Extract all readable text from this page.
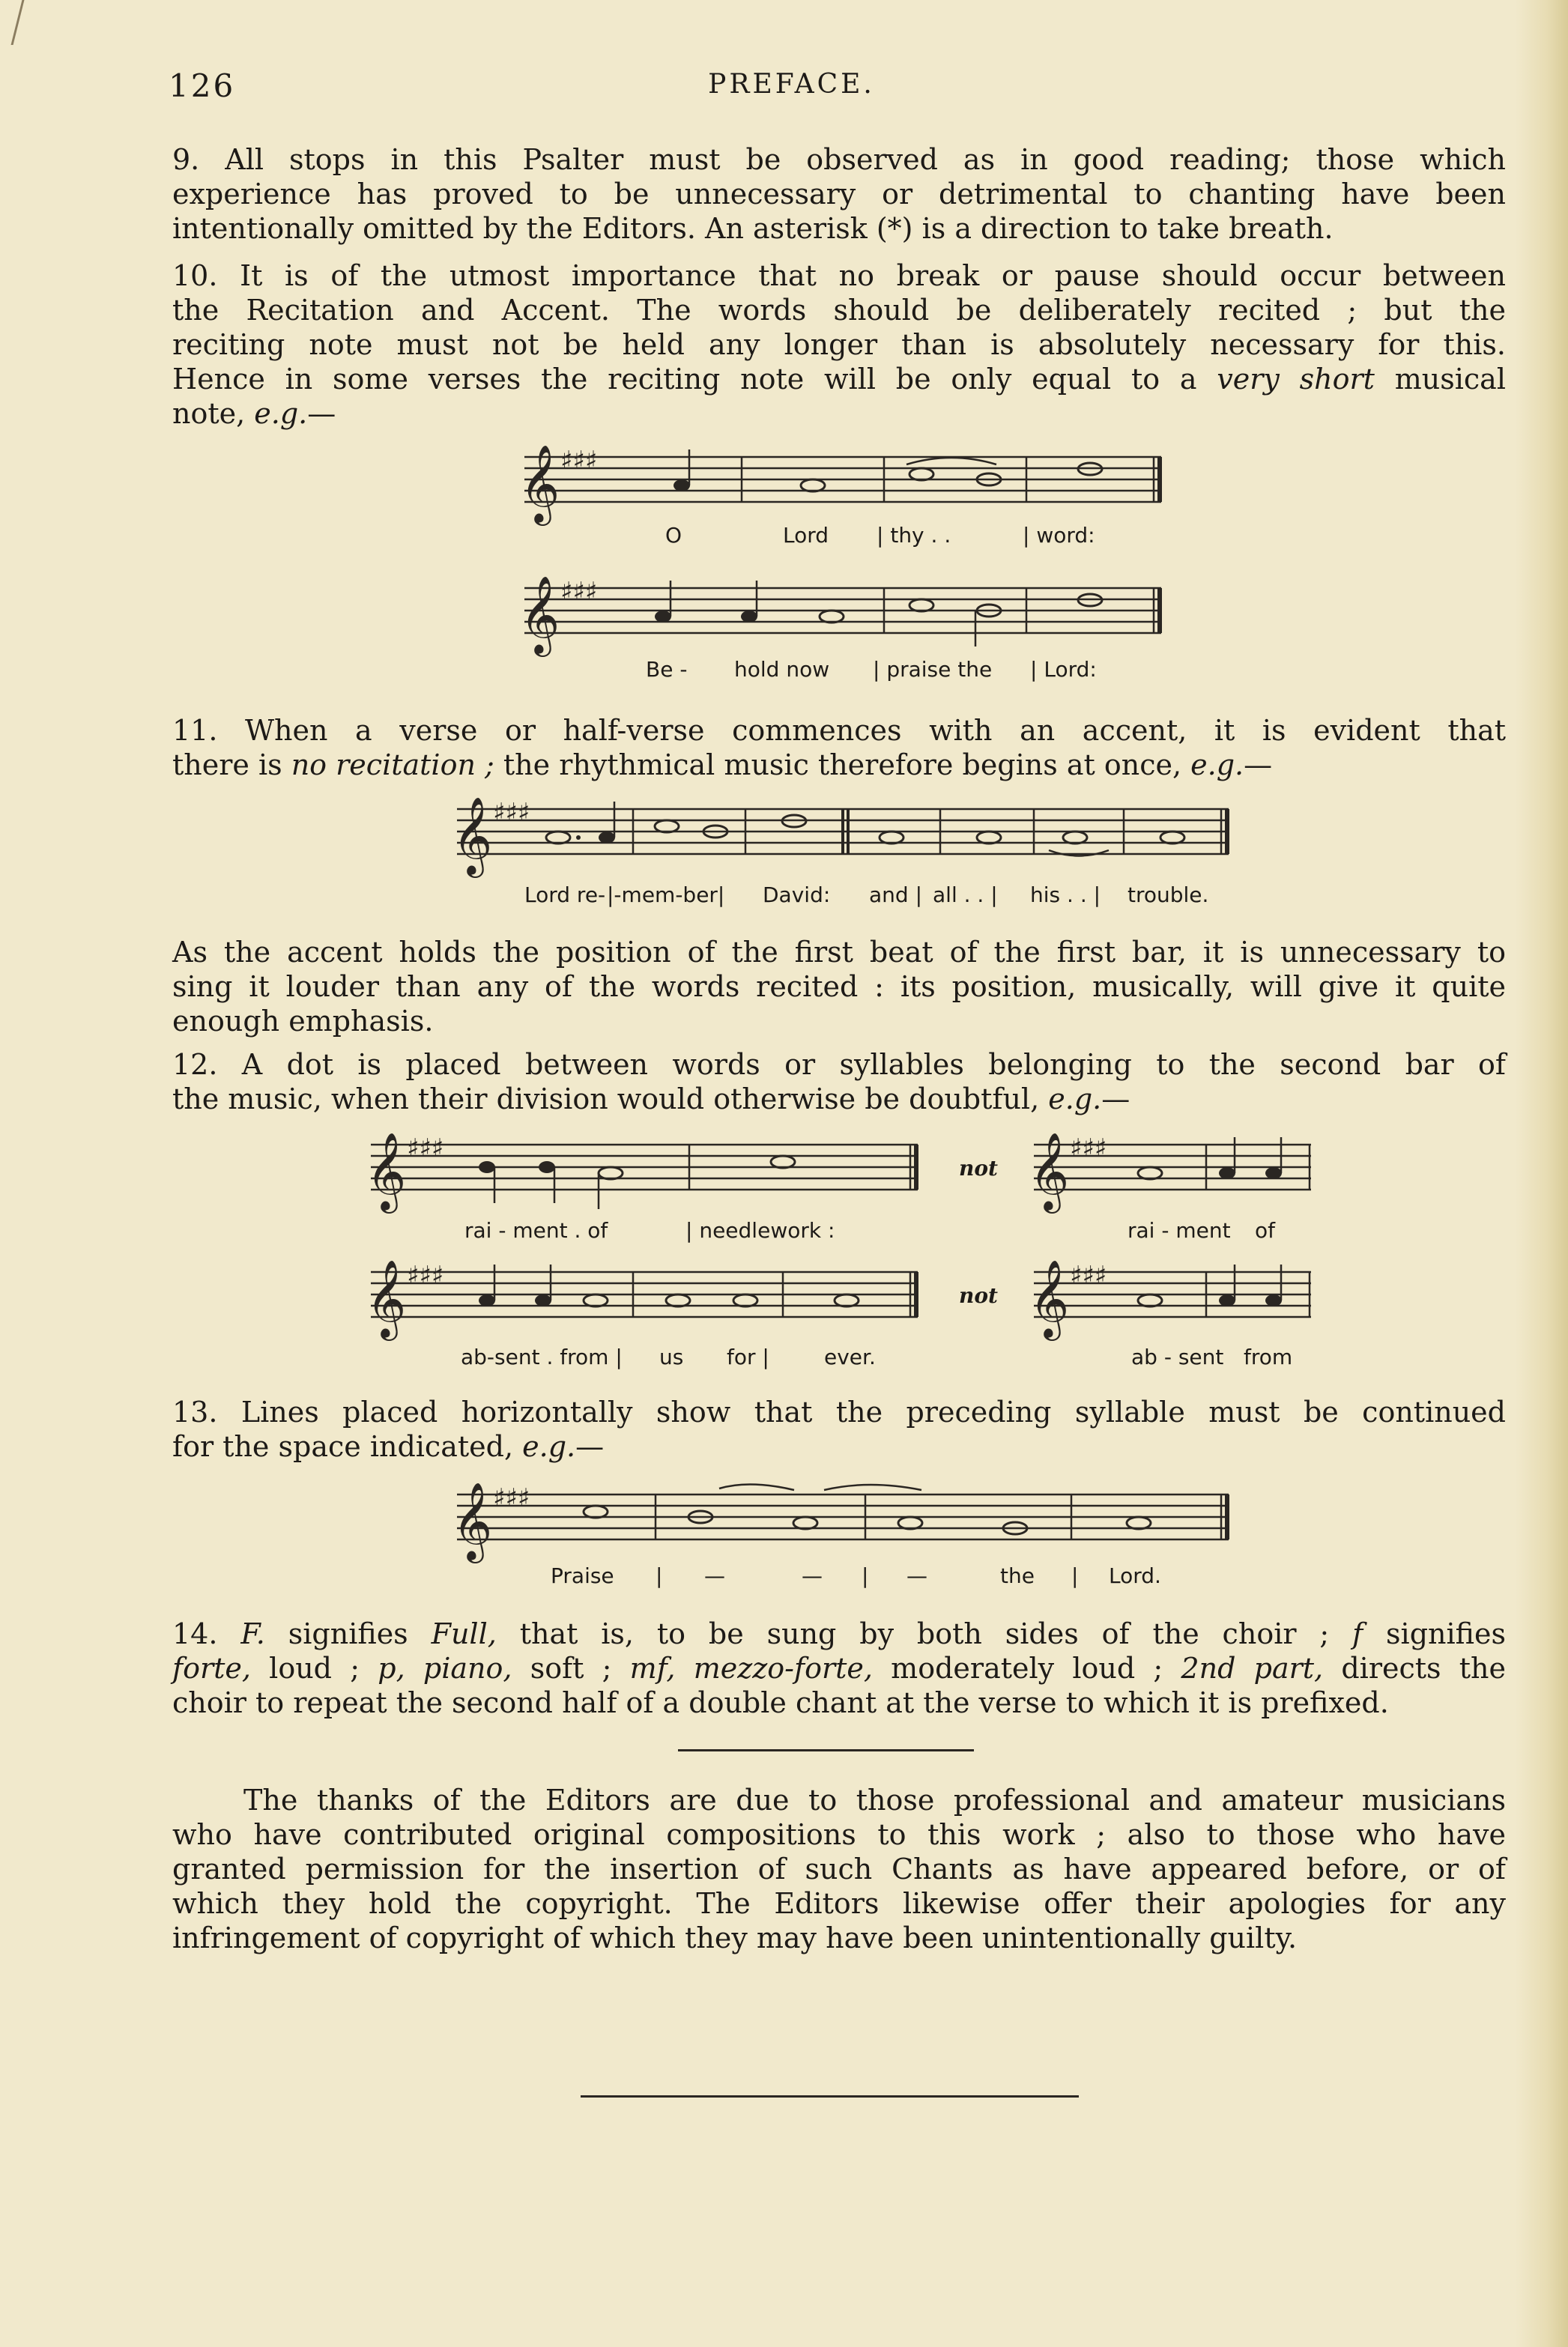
126	PREFACE.
9. All stops in this Psalter must be observed as in good reading; those which
experience has proved to be unnecessary or detrimental to chanting have been
intentionally omitted by the Editors. An asterisk (*) is a direction to take breath.
10. It is of the utmost importance that no break or pause should occur between
the Recitation and Accent. The words should be deliberately recited ; but the
reciting note must not be held any longer than is absolutely necessary for this.
Hence in some verses the reciting note will be only equal to a very short musical
note, e.g.—
𝄞 ♯♯♯
O	Lord | thy . .	| word:
𝄞 ♯♯♯
Be - hold now | praise the | Lord:
11. When a verse or half-verse commences with an accent, it is evident that
there is no recitation ; the rhythmical music therefore begins at once, e.g.—
𝄞 ♯♯♯
Lord re- |-mem-ber| David: and | all . . | his . . | trouble.
As the accent holds the position of the first beat of the first bar, it is unnecessary to
sing it louder than any of the words recited : its position, musically, will give it quite
enough emphasis.
12. A dot is placed between words or syllables belonging to the second bar of
the music, when their division would otherwise be doubtful, e.g.—
𝄞 ♯♯♯
rai - ment . of	| needlework :
not 𝄞 ♯♯♯
rai - ment of
𝄞 ♯♯♯
ab-sent . from | us for |	ever.
not 𝄞 ♯♯♯
ab - sent from
13. Lines placed horizontally show that the preceding syllable must be continued
for the space indicated, e.g.—
𝄞 ♯♯♯
Praise | —	— | —	the | Lord.
14. F. signifies Full, that is, to be sung by both sides of the choir ; f signifies
forte, loud ; p, piano, soft ; mf, mezzo-forte, moderately loud ; 2nd part, directs the
choir to repeat the second half of a double chant at the verse to which it is prefixed.
The thanks of the Editors are due to those professional and amateur musicians
who have contributed original compositions to this work ; also to those who have
granted permission for the insertion of such Chants as have appeared before, or of
which they hold the copyright. The Editors likewise offer their apologies for any
infringement of copyright of which they may have been unintentionally guilty.
